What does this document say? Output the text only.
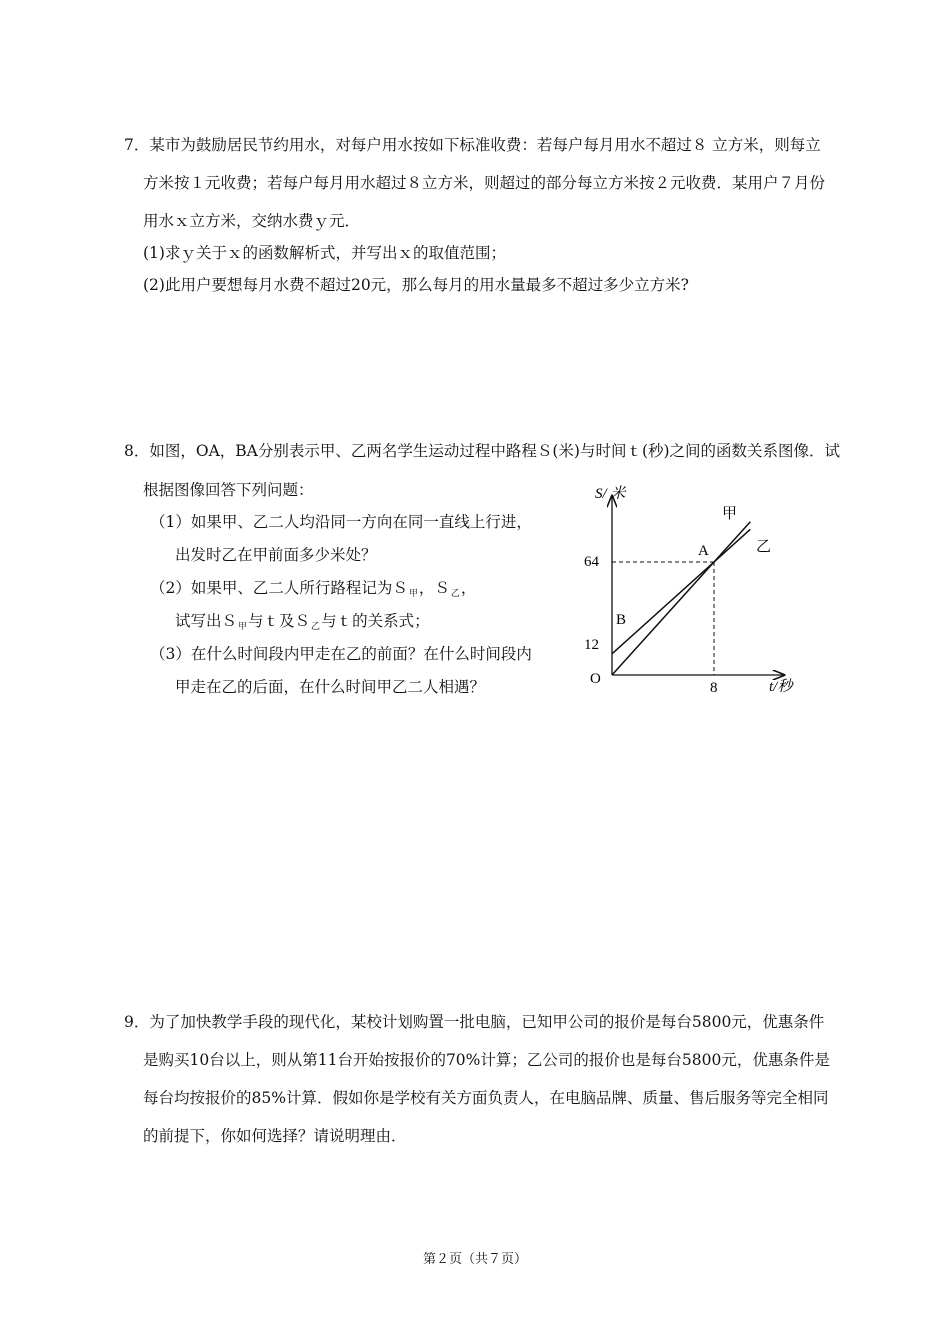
7．某市为鼓励居民节约用水，对每户用水按如下标准收费：若每户每月用水不超过８ 立方米，则每立
方米按１元收费；若每户每月用水超过８立方米，则超过的部分每立方米按２元收费．某用户７月份
用水ｘ立方米，交纳水费ｙ元．
(1)求ｙ关于ｘ的函数解析式，并写出ｘ的取值范围；
(2)此用户要想每月水费不超过20元，那么每月的用水量最多不超过多少立方米?
8．如图，OA，BA分别表示甲、乙两名学生运动过程中路程Ｓ(米)与时间ｔ(秒)之间的函数关系图像．试
根据图像回答下列问题：
（1）如果甲、乙二人均沿同一方向在同一直线上行进，
出发时乙在甲前面多少米处？
（2）如果甲、乙二人所行路程记为Ｓ甲，Ｓ乙，
试写出Ｓ甲与ｔ及Ｓ乙与ｔ的关系式；
（3）在什么时间段内甲走在乙的前面？在什么时间段内
甲走在乙的后面，在什么时间甲乙二人相遇？
S/ 米
t/秒
O
64
12
8
A
B
甲
乙
9．为了加快教学手段的现代化，某校计划购置一批电脑，已知甲公司的报价是每台5800元，优惠条件
是购买10台以上，则从第11台开始按报价的70%计算；乙公司的报价也是每台5800元，优惠条件是
每台均按报价的85%计算．假如你是学校有关方面负责人，在电脑品牌、质量、售后服务等完全相同
的前提下，你如何选择？请说明理由．
第２页（共７页）
